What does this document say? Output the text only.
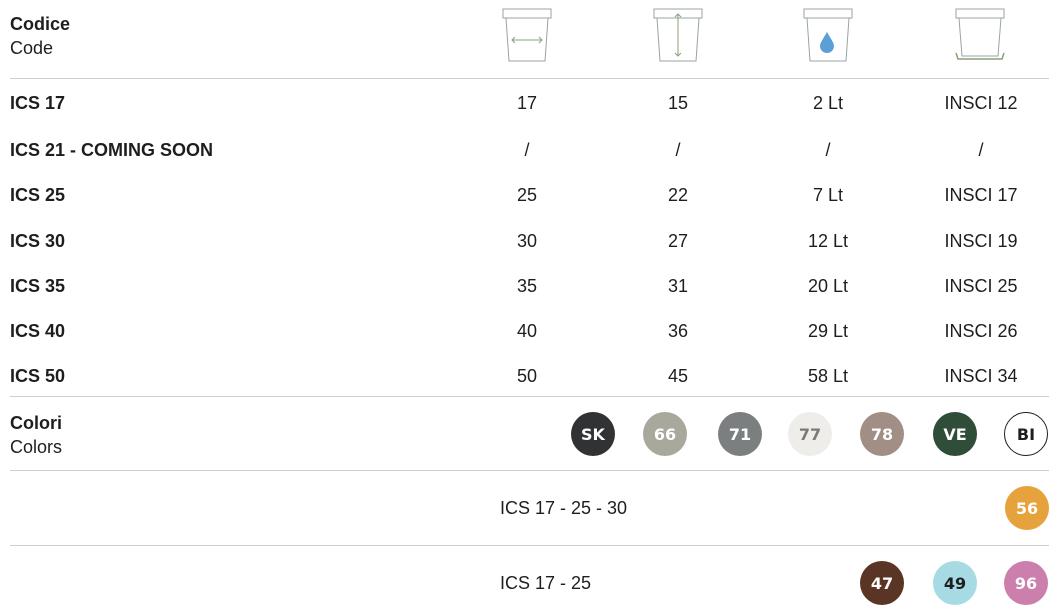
Codice
Code
ICS 17	17	15	2 Lt	INSCI 12
ICS 21 - COMING SOON	/	/	/	/
ICS 25	25	22	7 Lt	INSCI 17
ICS 30	30	27	12 Lt	INSCI 19
ICS 35	35	31	20 Lt	INSCI 25
ICS 40	40	36	29 Lt	INSCI 26
ICS 50	50	45	58 Lt	INSCI 34
Colori
Colors
SK	66	71	77	78	VE	BI
ICS 17 - 25 - 30	56
ICS 17 - 25	47	49	96
